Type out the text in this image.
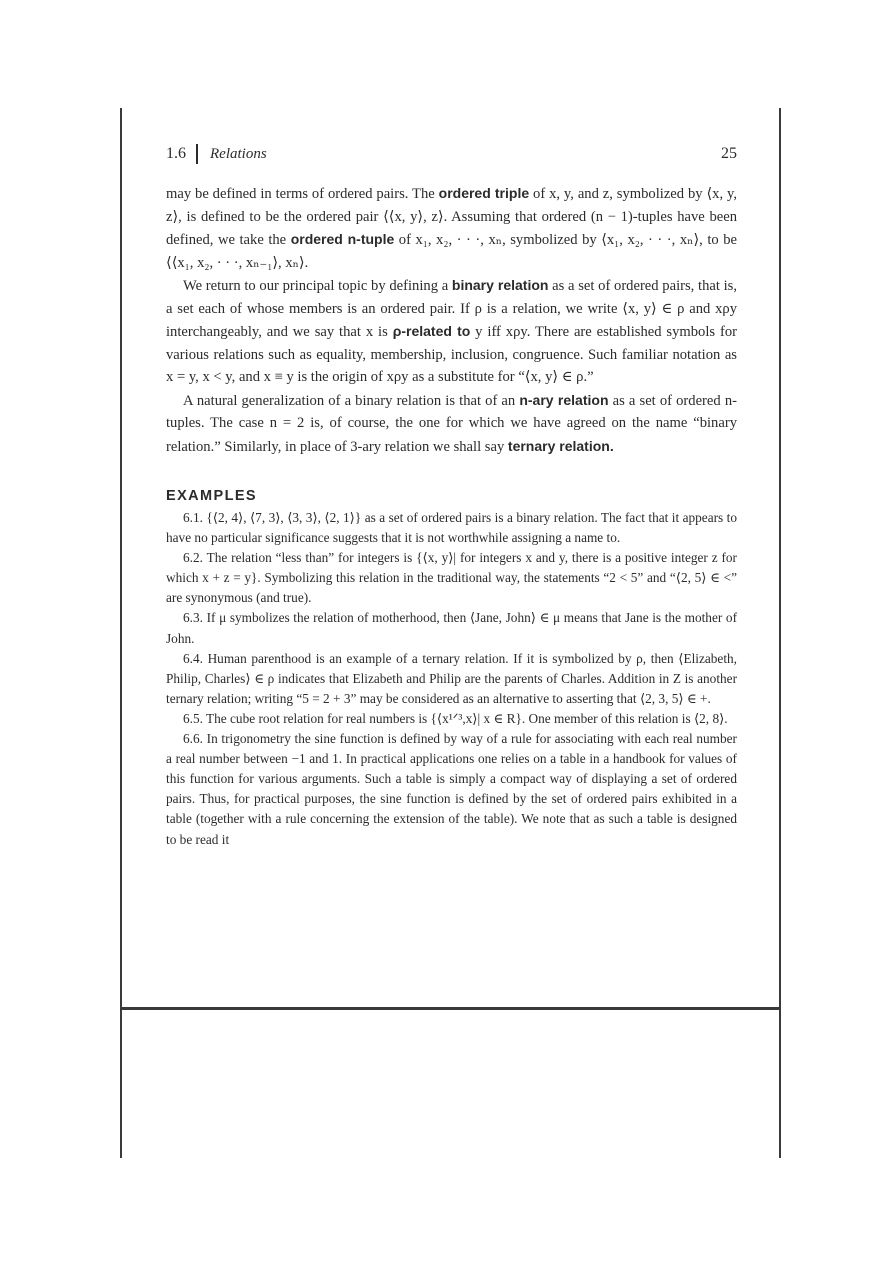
1.6 Relations	25

may be defined in terms of ordered pairs. The ordered triple of x, y, and z, symbolized by ⟨x, y, z⟩, is defined to be the ordered pair ⟨⟨x, y⟩, z⟩. Assuming that ordered (n − 1)-tuples have been defined, we take the ordered n-tuple of x₁, x₂, · · ·, xₙ, symbolized by ⟨x₁, x₂, · · ·, xₙ⟩, to be ⟨⟨x₁, x₂, · · ·, xₙ₋₁⟩, xₙ⟩.

We return to our principal topic by defining a binary relation as a set of ordered pairs, that is, a set each of whose members is an ordered pair. If ρ is a relation, we write ⟨x, y⟩ ∈ ρ and xρy interchangeably, and we say that x is ρ-related to y iff xρy. There are established symbols for various relations such as equality, membership, inclusion, congruence. Such familiar notation as x = y, x < y, and x ≡ y is the origin of xρy as a substitute for “⟨x, y⟩ ∈ ρ.”

A natural generalization of a binary relation is that of an n-ary relation as a set of ordered n-tuples. The case n = 2 is, of course, the one for which we have agreed on the name “binary relation.” Similarly, in place of 3-ary relation we shall say ternary relation.

EXAMPLES

6.1. {⟨2, 4⟩, ⟨7, 3⟩, ⟨3, 3⟩, ⟨2, 1⟩} as a set of ordered pairs is a binary relation. The fact that it appears to have no particular significance suggests that it is not worthwhile assigning a name to.

6.2. The relation “less than” for integers is {⟨x, y⟩| for integers x and y, there is a positive integer z for which x + z = y}. Symbolizing this relation in the traditional way, the statements “2 < 5” and “⟨2, 5⟩ ∈ <” are synonymous (and true).

6.3. If μ symbolizes the relation of motherhood, then ⟨Jane, John⟩ ∈ μ means that Jane is the mother of John.

6.4. Human parenthood is an example of a ternary relation. If it is symbolized by ρ, then ⟨Elizabeth, Philip, Charles⟩ ∈ ρ indicates that Elizabeth and Philip are the parents of Charles. Addition in Z is another ternary relation; writing “5 = 2 + 3” may be considered as an alternative to asserting that ⟨2, 3, 5⟩ ∈ +.

6.5. The cube root relation for real numbers is {⟨x¹ᐟ³,x⟩| x ∈ R}. One member of this relation is ⟨2, 8⟩.

6.6. In trigonometry the sine function is defined by way of a rule for associating with each real number a real number between −1 and 1. In practical applications one relies on a table in a handbook for values of this function for various arguments. Such a table is simply a compact way of displaying a set of ordered pairs. Thus, for practical purposes, the sine function is defined by the set of ordered pairs exhibited in a table (together with a rule concerning the extension of the table). We note that as such a table is designed to be read it
